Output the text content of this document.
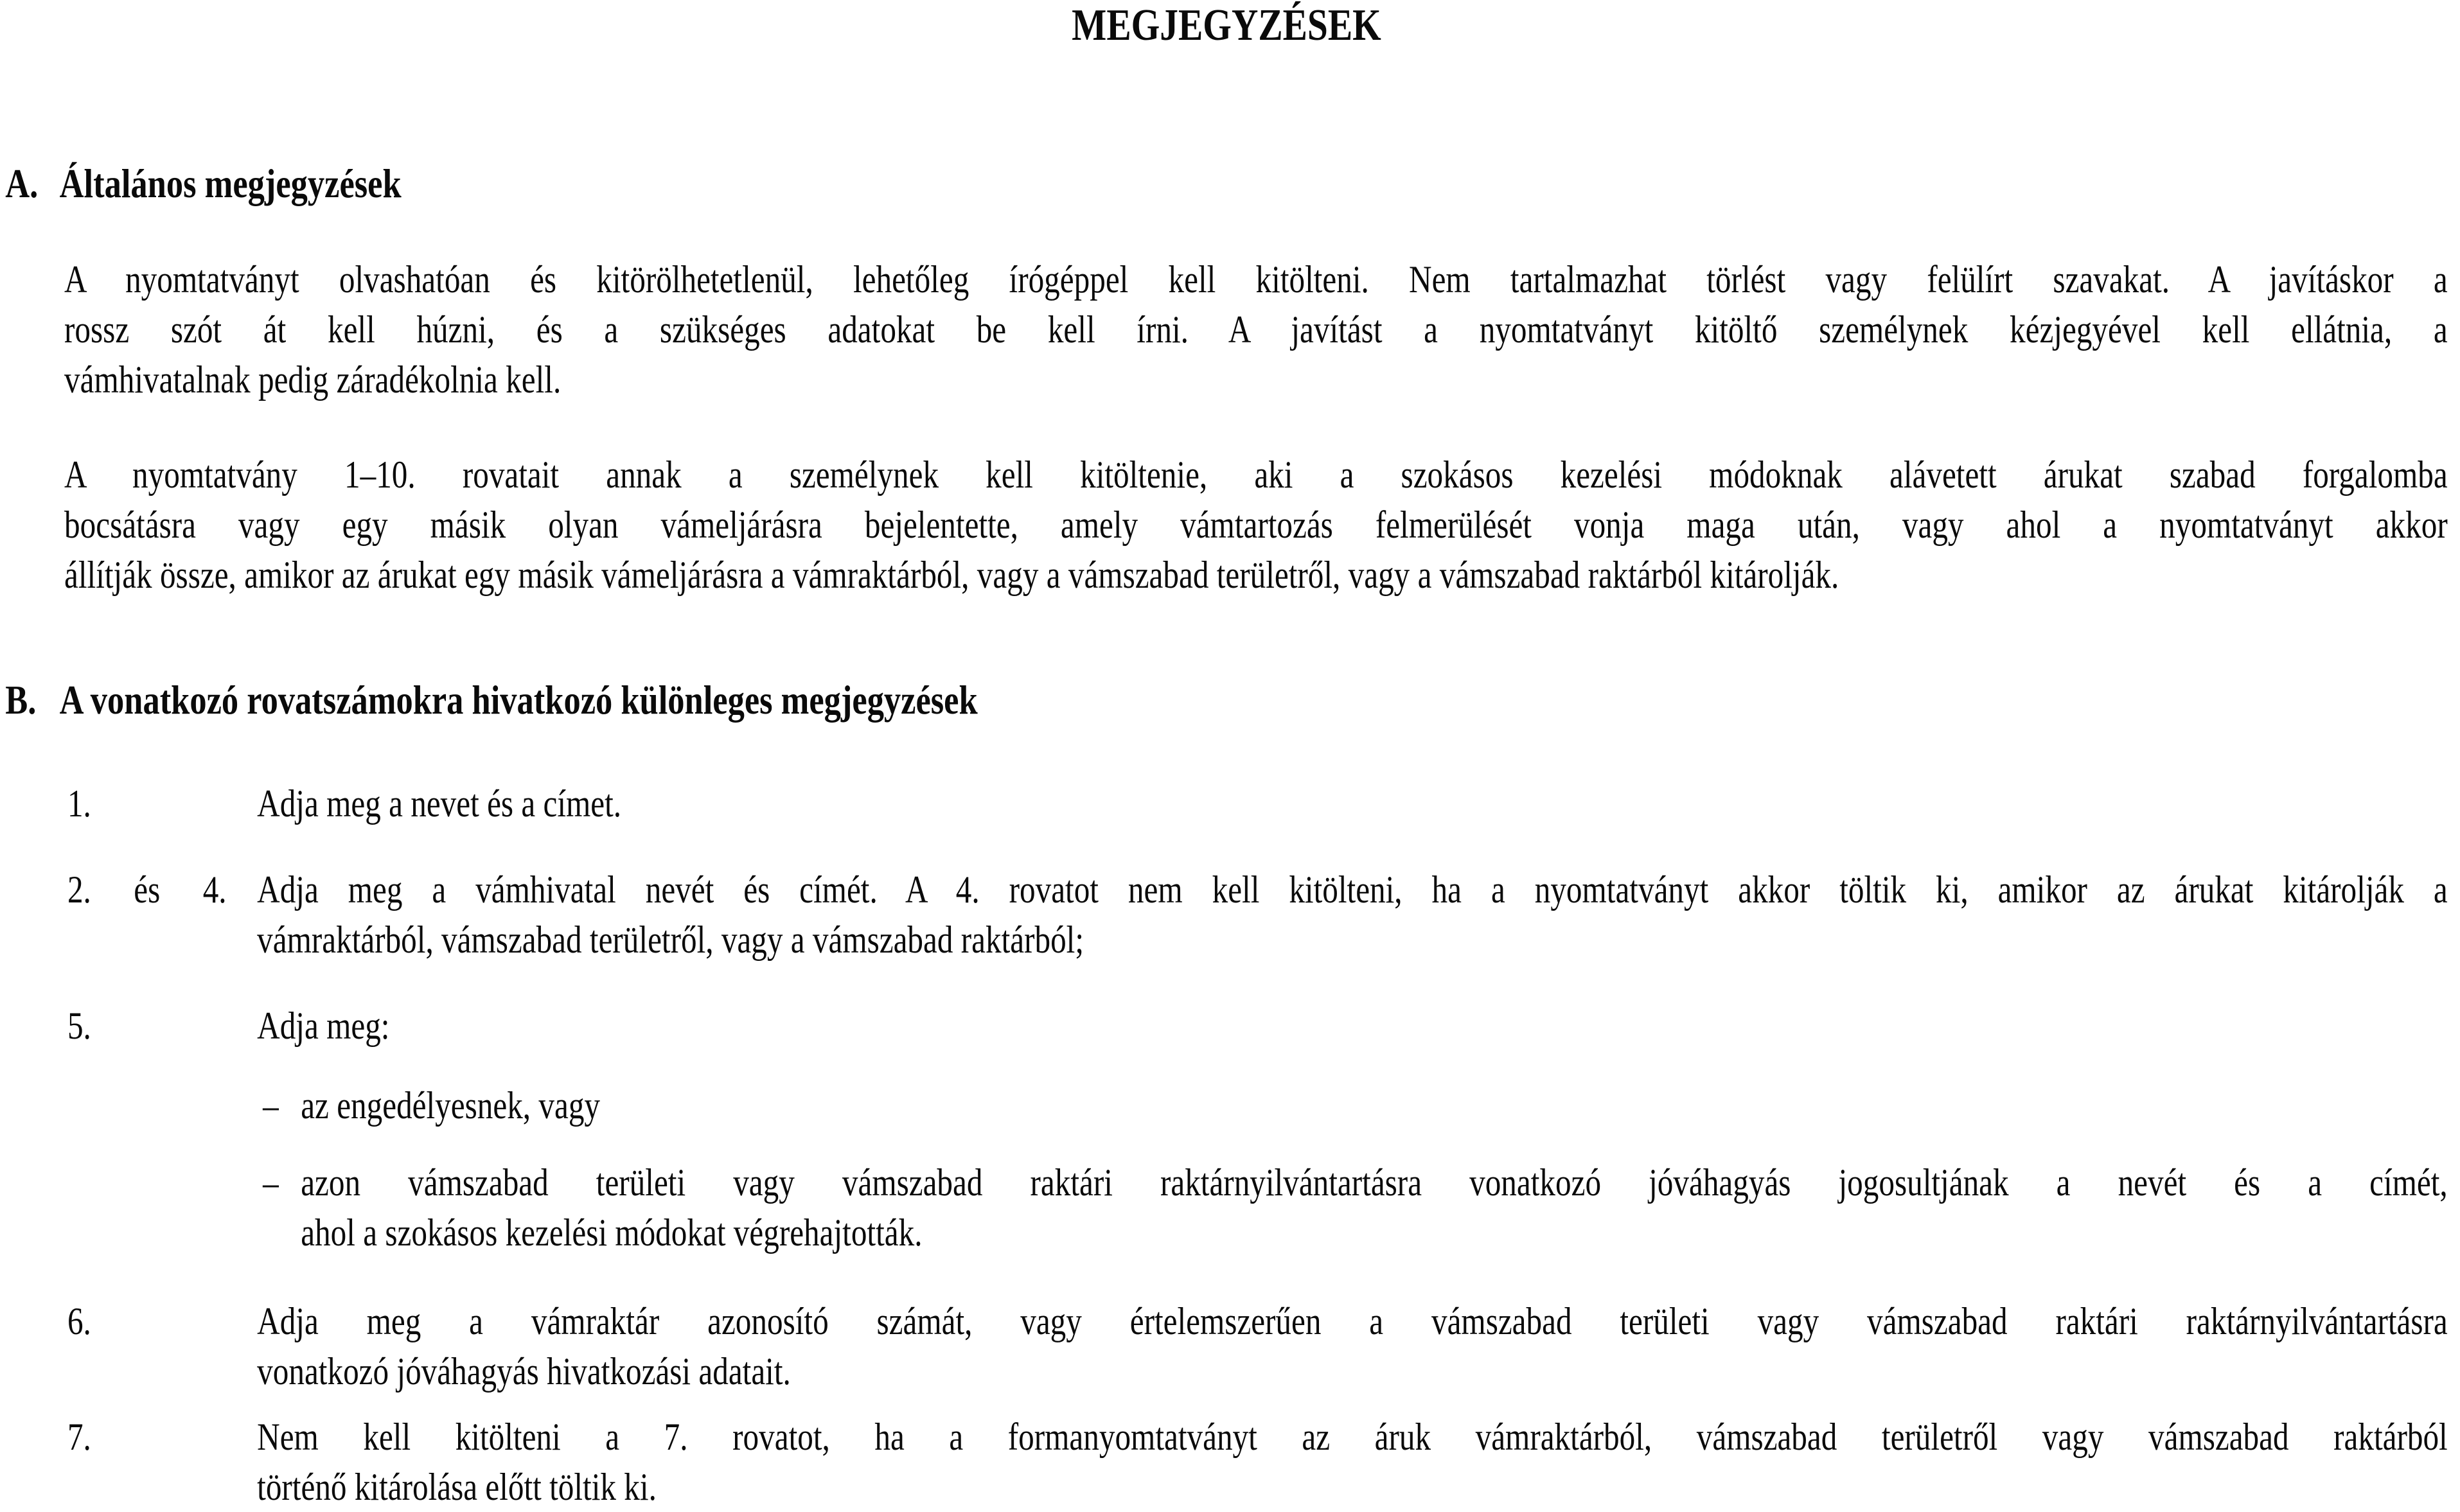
MEGJEGYZÉSEK
A. Általános megjegyzések
A nyomtatványt olvashatóan és kitörölhetetlenül, lehetőleg írógéppel kell kitölteni. Nem tartalmazhat törlést vagy felülírt szavakat. A javításkor a
rossz szót át kell húzni, és a szükséges adatokat be kell írni. A javítást a nyomtatványt kitöltő személynek kézjegyével kell ellátnia, a
vámhivatalnak pedig záradékolnia kell.
A nyomtatvány 1–10. rovatait annak a személynek kell kitöltenie, aki a szokásos kezelési módoknak alávetett árukat szabad forgalomba
bocsátásra vagy egy másik olyan vámeljárásra bejelentette, amely vámtartozás felmerülését vonja maga után, vagy ahol a nyomtatványt akkor
állítják össze, amikor az árukat egy másik vámeljárásra a vámraktárból, vagy a vámszabad területről, vagy a vámszabad raktárból kitárolják.
B. A vonatkozó rovatszámokra hivatkozó különleges megjegyzések
1.	Adja meg a nevet és a címet.
2. és 4. Adja meg a vámhivatal nevét és címét. A 4. rovatot nem kell kitölteni, ha a nyomtatványt akkor töltik ki, amikor az árukat kitárolják a
vámraktárból, vámszabad területről, vagy a vámszabad raktárból;
5.	Adja meg:
– az engedélyesnek, vagy
– azon vámszabad területi vagy vámszabad raktári raktárnyilvántartásra vonatkozó jóváhagyás jogosultjának a nevét és a címét,
ahol a szokásos kezelési módokat végrehajtották.
6.	Adja meg a vámraktár azonosító számát, vagy értelemszerűen a vámszabad területi vagy vámszabad raktári raktárnyilvántartásra
vonatkozó jóváhagyás hivatkozási adatait.
7.	Nem kell kitölteni a 7. rovatot, ha a formanyomtatványt az áruk vámraktárból, vámszabad területről vagy vámszabad raktárból
történő kitárolása előtt töltik ki.
